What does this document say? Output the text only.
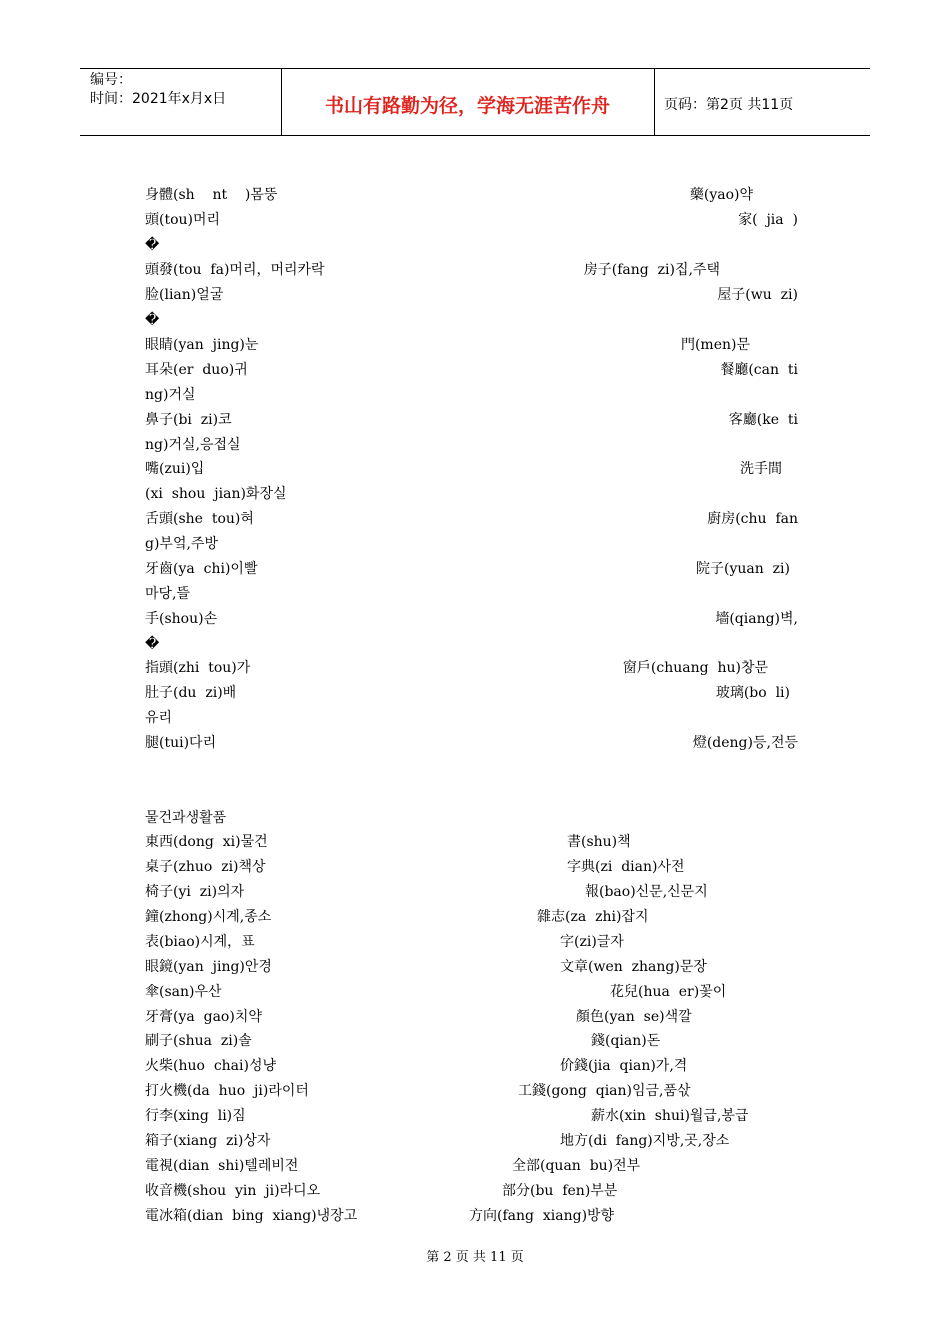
编号：
时间：2021年x月x日	书山有路勤为径，学海无涯苦作舟	页码：第2页 共11页
身體(sh    nt    )몸뚱
頭(tou)머리
�
頭發(tou  fa)머리，머리카락
脸(lian)얼굴
�
眼睛(yan  jing)눈
耳朵(er  duo)귀
ng)거실
鼻子(bi  zi)코
ng)거실,응접실
嘴(zui)입
(xi  shou  jian)화장실
舌頭(she  tou)혀
g)부엌,주방
牙齒(ya  chi)이빨
마당,뜰
手(shou)손
�
指頭(zhi  tou)가
肚子(du  zi)배
유리
腿(tui)다리
藥(yao)약
家(  jia  )
房子(fang  zi)집,주택
屋子(wu  zi)
門(men)문
餐廳(can  ti
客廳(ke  ti
洗手間
廚房(chu  fan
院子(yuan  zi)
墻(qiang)벽,
窗戶(chuang  hu)창문
玻璃(bo  li)
燈(deng)등,전등
물건과생활품
東西(dong  xi)물건
桌子(zhuo  zi)책상
椅子(yi  zi)의자
鐘(zhong)시계,종소
表(biao)시계，표
眼鏡(yan  jing)안경
傘(san)우산
牙膏(ya  gao)치약
刷子(shua  zi)솔
火柴(huo  chai)성냥
打火機(da  huo  ji)라이터
行李(xing  li)짐
箱子(xiang  zi)상자
電視(dian  shi)텔레비전
收音機(shou  yin  ji)라디오
電冰箱(dian  bing  xiang)냉장고
書(shu)책
字典(zi  dian)사전
報(bao)신문,신문지
雜志(za  zhi)잡지
字(zi)글자
文章(wen  zhang)문장
花兒(hua  er)꽃이
顏色(yan  se)색깔
錢(qian)돈
价錢(jia  qian)가,격
工錢(gong  qian)임금,품삯
薪水(xin  shui)월급,봉급
地方(di  fang)지방,곳,장소
全部(quan  bu)전부
部分(bu  fen)부분
方向(fang  xiang)방향
第 2 页 共 11 页
